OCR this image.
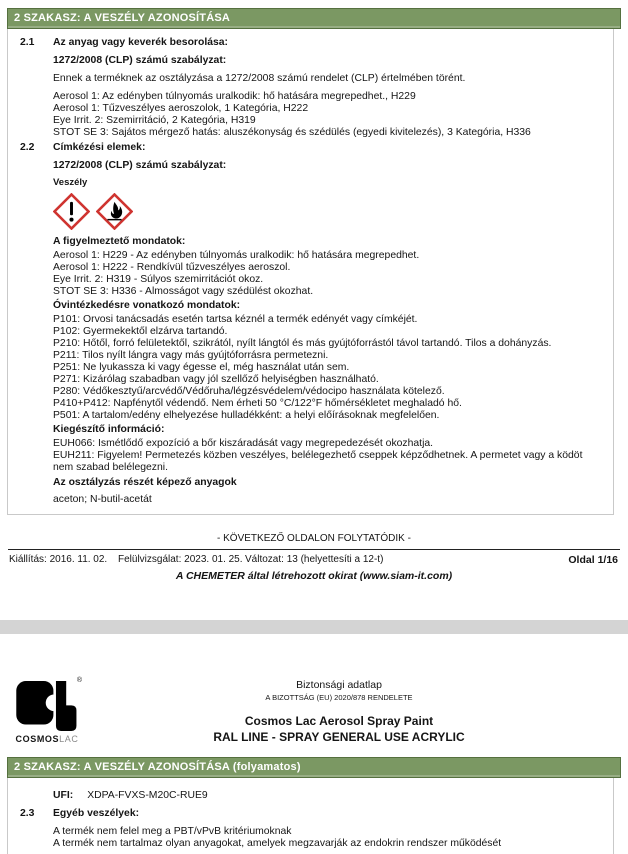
2 SZAKASZ: A VESZÉLY AZONOSÍTÁSA
2.1	Az anyag vagy keverék besorolása:
1272/2008 (CLP) számú szabályzat:
Ennek a terméknek az osztályzása a 1272/2008 számú rendelet (CLP) értelmében törént.
Aerosol 1: Az edényben túlnyomás uralkodik: hő hatására megrepedhet., H229
Aerosol 1: Tűzveszélyes aeroszolok, 1 Kategória, H222
Eye Irrit. 2: Szemirritáció, 2 Kategória, H319
STOT SE 3: Sajátos mérgező hatás: aluszékonyság és szédülés (egyedi kivitelezés), 3 Kategória, H336
2.2	Címkézési elemek:
1272/2008 (CLP) számú szabályzat:
Veszély
A figyelmeztető mondatok:
Aerosol 1: H229 - Az edényben túlnyomás uralkodik: hő hatására megrepedhet.
Aerosol 1: H222 - Rendkívül tűzveszélyes aeroszol.
Eye Irrit. 2: H319 - Súlyos szemirritációt okoz.
STOT SE 3: H336 - Almosságot vagy szédülést okozhat.
Óvintézkedésre vonatkozó mondatok:
P101: Orvosi tanácsadás esetén tartsa kéznél a termék edényét vagy címkéjét.
P102: Gyermekektől elzárva tartandó.
P210: Hőtől, forró felületektől, szikrától, nyílt lángtól és más gyújtóforrástól távol tartandó. Tilos a dohányzás.
P211: Tilos nyílt lángra vagy más gyújtóforrásra permetezni.
P251: Ne lyukassza ki vagy égesse el, még használat után sem.
P271: Kizárólag szabadban vagy jól szellőző helyiségben használható.
P280: Védőkesztyű/arcvédő/Védőruha/légzésvédelem/védocipo használata kötelező.
P410+P412: Napfénytől védendő. Nem érheti 50 °C/122°F hőmérsékletet meghaladó hő.
P501: A tartalom/edény elhelyezése hulladékként: a helyi előírásoknak megfelelően.
Kiegészítő információ:
EUH066: Ismétlődő expozíció a bőr kiszáradását vagy megrepedezését okozhatja.
EUH211: Figyelem! Permetezés közben veszélyes, belélegezhető cseppek képződhetnek. A permetet vagy a ködöt nem szabad belélegezni.
Az osztályzás részét képező anyagok
aceton; N-butil-acetát
- KÖVETKEZŐ OLDALON FOLYTATÓDIK -
Kiállítás: 2016. 11. 02. Felülvizsgálat: 2023. 01. 25. Változat: 13 (helyettesíti a 12-t)	Oldal 1/16
A CHEMETER által létrehozott okirat (www.siam-it.com)
®
COSMOSLAC
Biztonsági adatlap
A BIZOTTSÁG (EU) 2020/878 RENDELETE
Cosmos Lac Aerosol Spray Paint
RAL LINE - SPRAY GENERAL USE ACRYLIC
2 SZAKASZ: A VESZÉLY AZONOSÍTÁSA (folyamatos)
UFI: XDPA-FVXS-M20C-RUE9
2.3	Egyéb veszélyek:
A termék nem felel meg a PBT/vPvB kritériumoknak
A termék nem tartalmaz olyan anyagokat, amelyek megzavarják az endokrin rendszer működését
